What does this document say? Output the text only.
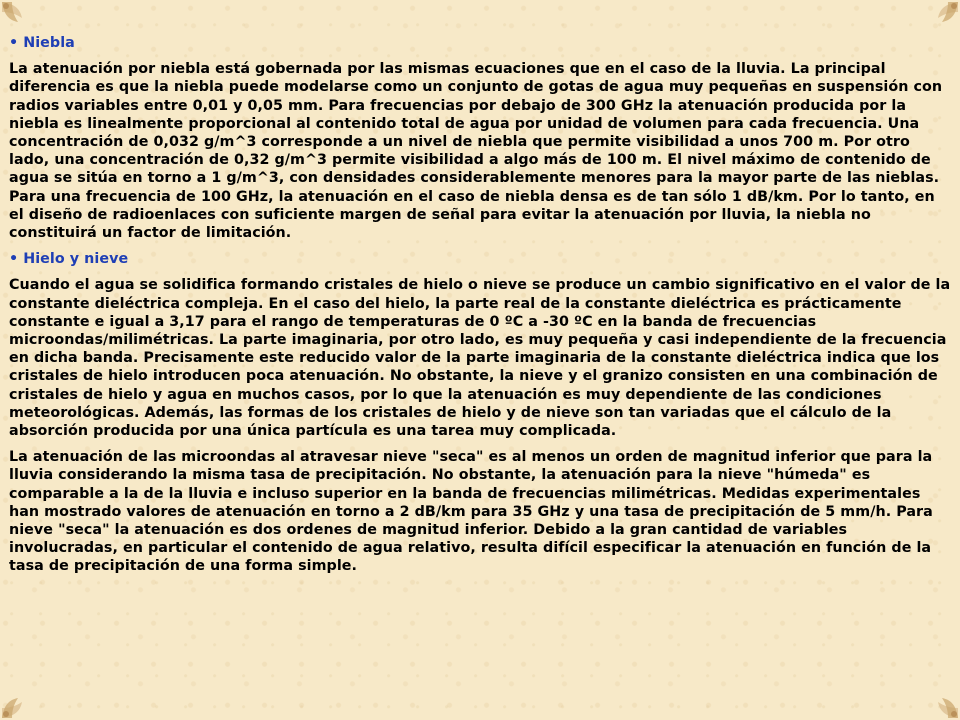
• Niebla

La atenuación por niebla está gobernada por las mismas ecuaciones que en el caso de la lluvia. La principal diferencia es que la niebla puede modelarse como un conjunto de gotas de agua muy pequeñas en suspensión con radios variables entre 0,01 y 0,05 mm. Para frecuencias por debajo de 300 GHz la atenuación producida por la niebla es linealmente proporcional al contenido total de agua por unidad de volumen para cada frecuencia. Una concentración de 0,032 g/m^3 corresponde a un nivel de niebla que permite visibilidad a unos 700 m. Por otro lado, una concentración de 0,32 g/m^3 permite visibilidad a algo más de 100 m. El nivel máximo de contenido de agua se sitúa en torno a 1 g/m^3, con densidades considerablemente menores para la mayor parte de las nieblas. Para una frecuencia de 100 GHz, la atenuación en el caso de niebla densa es de tan sólo 1 dB/km. Por lo tanto, en el diseño de radioenlaces con suficiente margen de señal para evitar la atenuación por lluvia, la niebla no constituirá un factor de limitación.

• Hielo y nieve

Cuando el agua se solidifica formando cristales de hielo o nieve se produce un cambio significativo en el valor de la constante dieléctrica compleja. En el caso del hielo, la parte real de la constante dieléctrica es prácticamente constante e igual a 3,17 para el rango de temperaturas de 0 ºC a -30 ºC en la banda de frecuencias microondas/milimétricas. La parte imaginaria, por otro lado, es muy pequeña y casi independiente de la frecuencia en dicha banda. Precisamente este reducido valor de la parte imaginaria de la constante dieléctrica indica que los cristales de hielo introducen poca atenuación. No obstante, la nieve y el granizo consisten en una combinación de cristales de hielo y agua en muchos casos, por lo que la atenuación es muy dependiente de las condiciones meteorológicas. Además, las formas de los cristales de hielo y de nieve son tan variadas que el cálculo de la absorción producida por una única partícula es una tarea muy complicada.

La atenuación de las microondas al atravesar nieve "seca" es al menos un orden de magnitud inferior que para la lluvia considerando la misma tasa de precipitación. No obstante, la atenuación para la nieve "húmeda" es comparable a la de la lluvia e incluso superior en la banda de frecuencias milimétricas. Medidas experimentales han mostrado valores de atenuación en torno a 2 dB/km para 35 GHz y una tasa de precipitación de 5 mm/h. Para nieve "seca" la atenuación es dos ordenes de magnitud inferior. Debido a la gran cantidad de variables involucradas, en particular el contenido de agua relativo, resulta difícil especificar la atenuación en función de la tasa de precipitación de una forma simple.
